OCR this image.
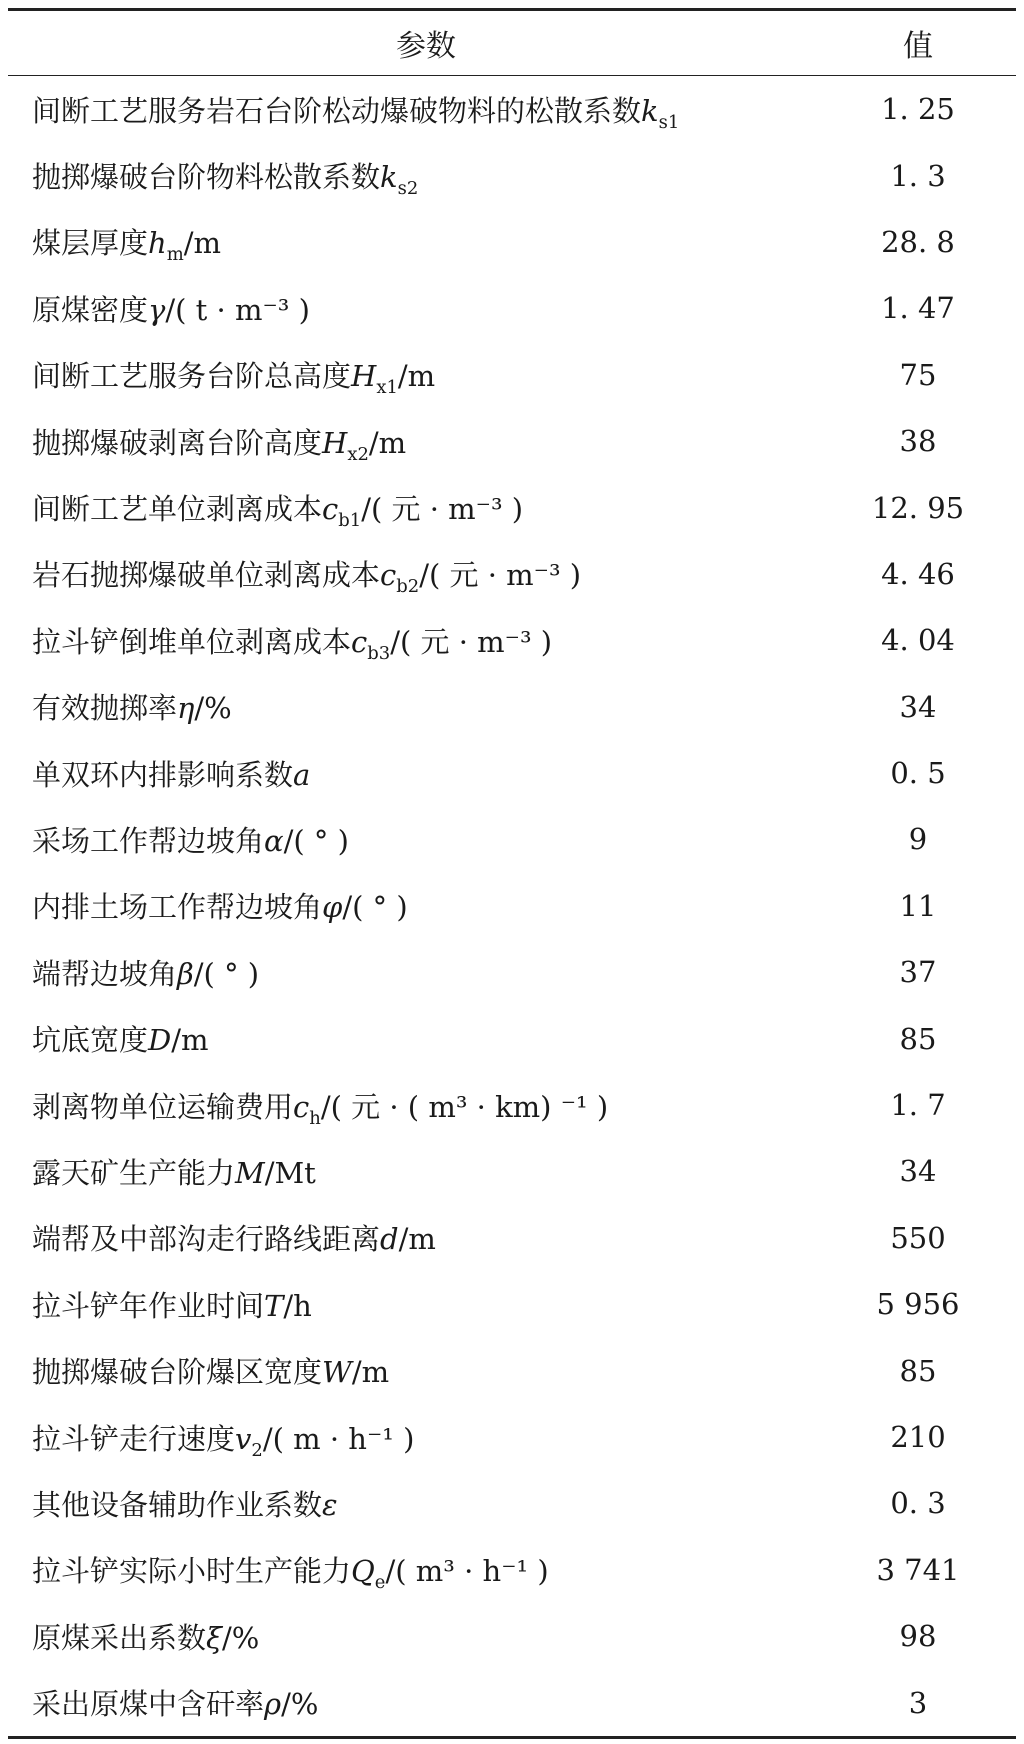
参数	值
间断工艺服务岩石台阶松动爆破物料的松散系数$k_{s1}$	1. 25
抛掷爆破台阶物料松散系数$k_{s2}$	1. 3
煤层厚度$h_m/m$	28. 8
原煤密度γ/( t · m⁻³ )	1. 47
间断工艺服务台阶总高度$H_{x1}/m$	75
抛掷爆破剥离台阶高度$H_{x2}/m$	38
间断工艺单位剥离成本$c_{b1}/$( 元 · m⁻³ )	12. 95
岩石抛掷爆破单位剥离成本$c_{b2}/$( 元 · m⁻³ )	4. 46
拉斗铲倒堆单位剥离成本$c_{b3}/$( 元 · m⁻³ )	4. 04
有效抛掷率η/%	34
单双环内排影响系数a	0. 5
采场工作帮边坡角α/( ° )	9
内排土场工作帮边坡角φ/( ° )	11
端帮边坡角β/( ° )	37
坑底宽度D/m	85
剥离物单位运输费用$c_h/$( 元 · ( m³ · km) ⁻¹ )	1. 7
露天矿生产能力M/Mt	34
端帮及中部沟走行路线距离d/m	550
拉斗铲年作业时间T/h	5 956
抛掷爆破台阶爆区宽度W/m	85
拉斗铲走行速度$v_2/$( m · h⁻¹ )	210
其他设备辅助作业系数ε	0. 3
拉斗铲实际小时生产能力$Q_e/$( m³ · h⁻¹ )	3 741
原煤采出系数ξ/%	98
采出原煤中含矸率ρ/%	3
